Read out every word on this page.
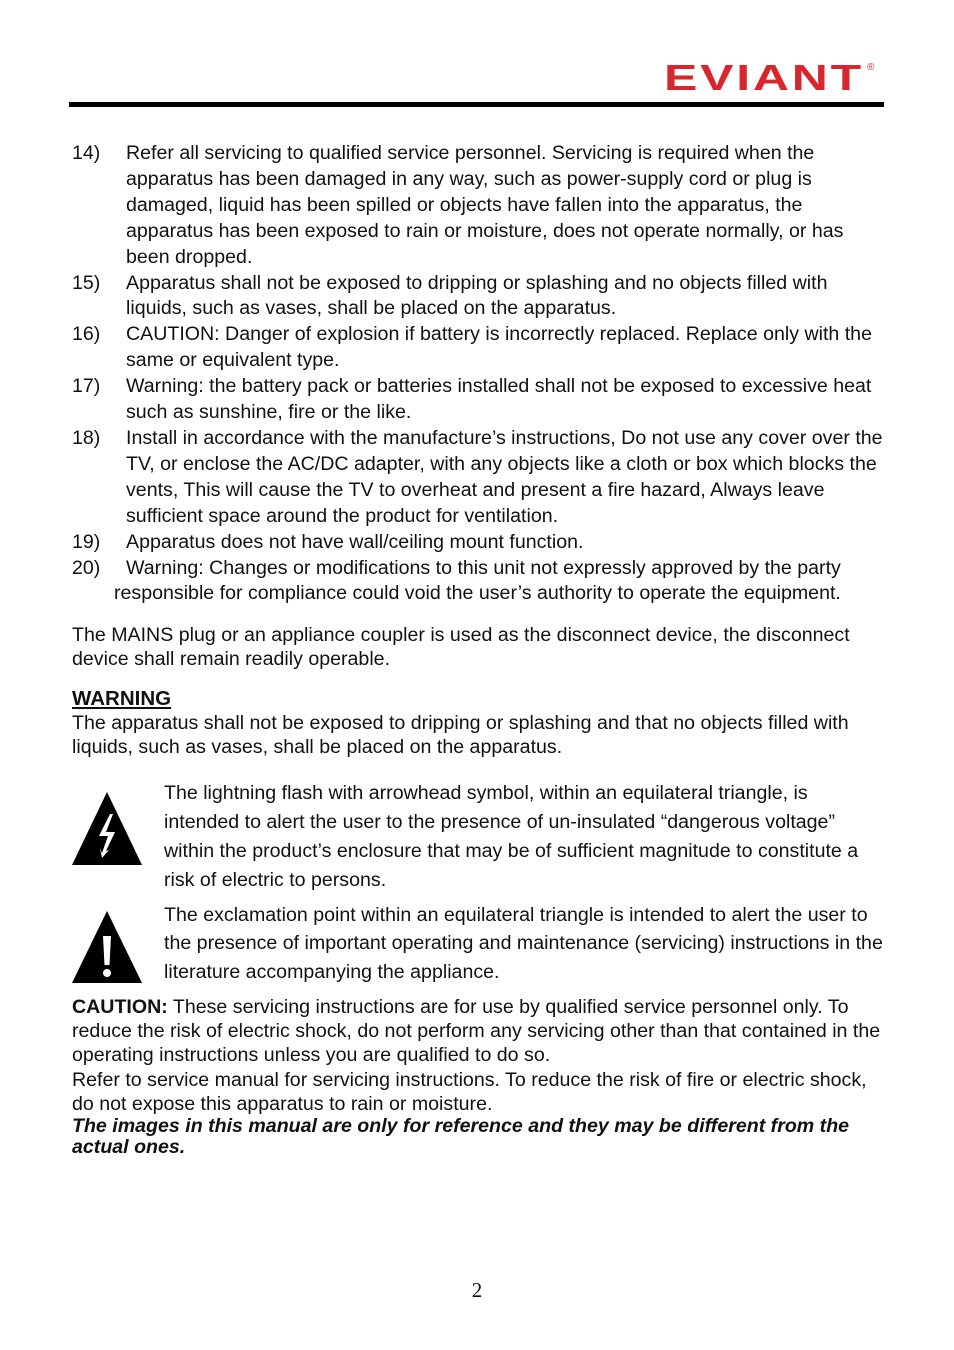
EVIANT ®
14) Refer all servicing to qualified service personnel. Servicing is required when the apparatus has been damaged in any way, such as power-supply cord or plug is damaged, liquid has been spilled or objects have fallen into the apparatus, the apparatus has been exposed to rain or moisture, does not operate normally, or has been dropped.
15) Apparatus shall not be exposed to dripping or splashing and no objects filled with liquids, such as vases, shall be placed on the apparatus.
16) CAUTION: Danger of explosion if battery is incorrectly replaced. Replace only with the same or equivalent type.
17) Warning: the battery pack or batteries installed shall not be exposed to excessive heat such as sunshine, fire or the like.
18) Install in accordance with the manufacture’s instructions, Do not use any cover over the TV, or enclose the AC/DC adapter, with any objects like a cloth or box which blocks the vents, This will cause the TV to overheat and present a fire hazard, Always leave sufficient space around the product for ventilation.
19) Apparatus does not have wall/ceiling mount function.
20) Warning: Changes or modifications to this unit not expressly approved by the party
responsible for compliance could void the user’s authority to operate the equipment.

The MAINS plug or an appliance coupler is used as the disconnect device, the disconnect device shall remain readily operable.

WARNING

The apparatus shall not be exposed to dripping or splashing and that no objects filled with liquids, such as vases, shall be placed on the apparatus.

The lightning flash with arrowhead symbol, within an equilateral triangle, is intended to alert the user to the presence of un-insulated “dangerous voltage” within the product’s enclosure that may be of sufficient magnitude to constitute a risk of electric to persons.
The exclamation point within an equilateral triangle is intended to alert the user to the presence of important operating and maintenance (servicing) instructions in the literature accompanying the appliance.
CAUTION: These servicing instructions are for use by qualified service personnel only. To reduce the risk of electric shock, do not perform any servicing other than that contained in the operating instructions unless you are qualified to do so.
Refer to service manual for servicing instructions. To reduce the risk of fire or electric shock, do not expose this apparatus to rain or moisture.
The images in this manual are only for reference and they may be different from the actual ones.
2
